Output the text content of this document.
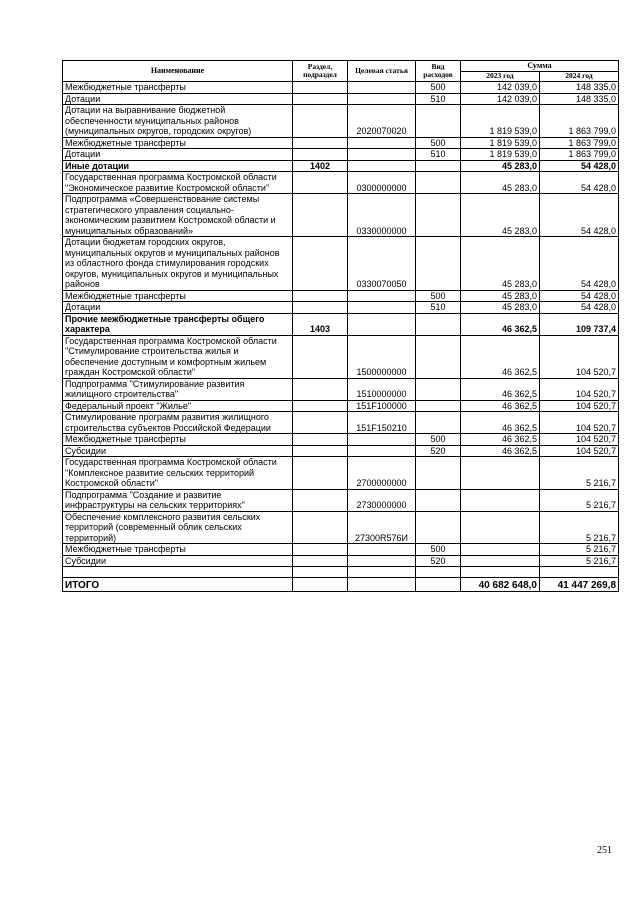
Наименование	Раздел, подраздел	Целевая статья	Вид расходов	Сумма	
				2023 год	2024 год
Межбюджетные трансферты			500	142 039,0	148 335,0
Дотации			510	142 039,0	148 335,0
Дотации на выравнивание бюджетной обеспеченности муниципальных районов (муниципальных округов, городских округов)		2020070020		1 819 539,0	1 863 799,0
Межбюджетные трансферты			500	1 819 539,0	1 863 799,0
Дотации			510	1 819 539,0	1 863 799,0
Иные дотации	1402			45 283,0	54 428,0
Государственная программа Костромской области "Экономическое развитие Костромской области"		0300000000		45 283,0	54 428,0
Подпрограмма «Совершенствование системы стратегического управления социально-экономическим развитием Костромской области и муниципальных образований»		0330000000		45 283,0	54 428,0
Дотации бюджетам городских округов, муниципальных округов и муниципальных районов из областного фонда стимулирования городских округов, муниципальных округов и муниципальных районов		0330070050		45 283,0	54 428,0
Межбюджетные трансферты			500	45 283,0	54 428,0
Дотации			510	45 283,0	54 428,0
Прочие межбюджетные трансферты общего характера	1403			46 362,5	109 737,4
Государственная программа Костромской области "Стимулирование строительства жилья и обеспечение доступным и комфортным жильем граждан Костромской области"		1500000000		46 362,5	104 520,7
Подпрограмма "Стимулирование развития жилищного строительства"		1510000000		46 362,5	104 520,7
Федеральный проект "Жилье"		151F100000		46 362,5	104 520,7
Стимулирование программ развития жилищного строительства субъектов Российской Федерации		151F150210		46 362,5	104 520,7
Межбюджетные трансферты			500	46 362,5	104 520,7
Субсидии			520	46 362,5	104 520,7
Государственная программа Костромской области "Комплексное развитие сельских территорий Костромской области"		2700000000			5 216,7
Подпрограмма "Создание и развитие инфраструктуры на сельских территориях"		2730000000			5 216,7
Обеспечение комплексного развития сельских территорий (современный облик сельских территорий)		27300R576И			5 216,7
Межбюджетные трансферты			500		5 216,7
Субсидии			520		5 216,7

ИТОГО				40 682 648,0	41 447 269,8
251
